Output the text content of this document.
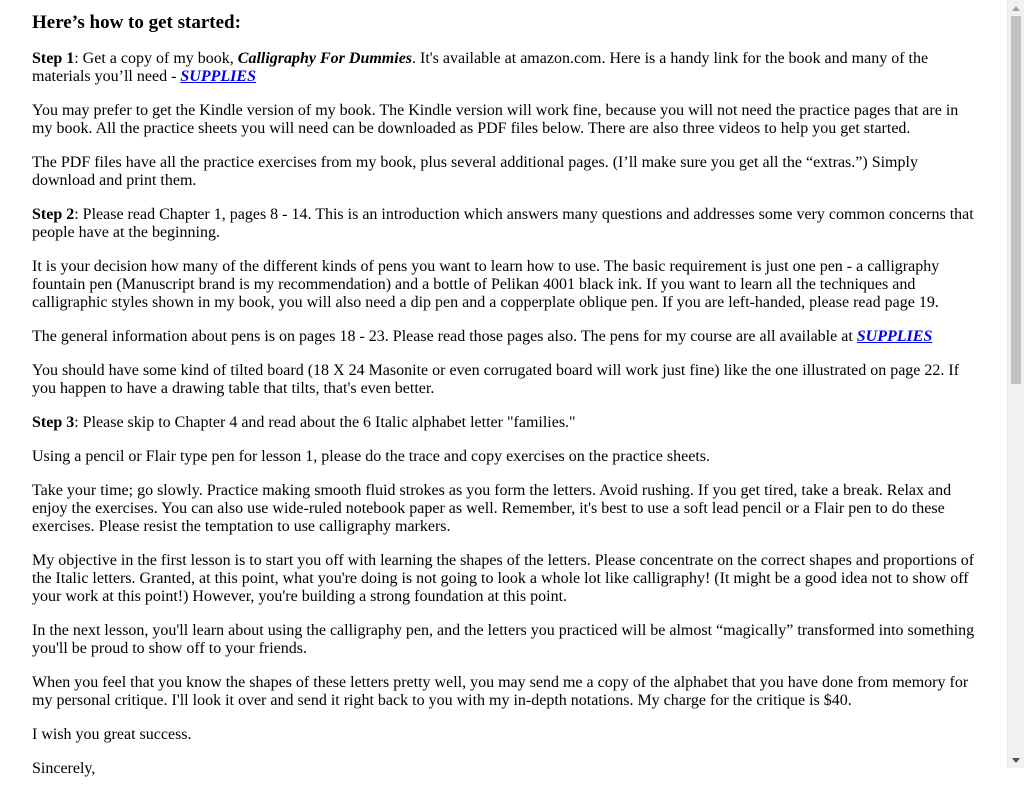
Here’s how to get started:

Step 1: Get a copy of my book, Calligraphy For Dummies. It's available at amazon.com. Here is a handy link for the book and many of the materials you’ll need - SUPPLIES

You may prefer to get the Kindle version of my book. The Kindle version will work fine, because you will not need the practice pages that are in my book. All the practice sheets you will need can be downloaded as PDF files below. There are also three videos to help you get started.

The PDF files have all the practice exercises from my book, plus several additional pages. (I’ll make sure you get all the “extras.”) Simply download and print them.

Step 2: Please read Chapter 1, pages 8 - 14. This is an introduction which answers many questions and addresses some very common concerns that people have at the beginning.

It is your decision how many of the different kinds of pens you want to learn how to use. The basic requirement is just one pen - a calligraphy fountain pen (Manuscript brand is my recommendation) and a bottle of Pelikan 4001 black ink. If you want to learn all the techniques and calligraphic styles shown in my book, you will also need a dip pen and a copperplate oblique pen. If you are left-handed, please read page 19.

The general information about pens is on pages 18 - 23. Please read those pages also. The pens for my course are all available at SUPPLIES

You should have some kind of tilted board (18 X 24 Masonite or even corrugated board will work just fine) like the one illustrated on page 22. If you happen to have a drawing table that tilts, that's even better.

Step 3: Please skip to Chapter 4 and read about the 6 Italic alphabet letter "families."

Using a pencil or Flair type pen for lesson 1, please do the trace and copy exercises on the practice sheets.

Take your time; go slowly. Practice making smooth fluid strokes as you form the letters. Avoid rushing. If you get tired, take a break. Relax and enjoy the exercises. You can also use wide-ruled notebook paper as well. Remember, it's best to use a soft lead pencil or a Flair pen to do these exercises. Please resist the temptation to use calligraphy markers.

My objective in the first lesson is to start you off with learning the shapes of the letters. Please concentrate on the correct shapes and proportions of the Italic letters. Granted, at this point, what you're doing is not going to look a whole lot like calligraphy! (It might be a good idea not to show off your work at this point!) However, you're building a strong foundation at this point.

In the next lesson, you'll learn about using the calligraphy pen, and the letters you practiced will be almost “magically” transformed into something you'll be proud to show off to your friends.

When you feel that you know the shapes of these letters pretty well, you may send me a copy of the alphabet that you have done from memory for my personal critique. I'll look it over and send it right back to you with my in-depth notations. My charge for the critique is $40.

I wish you great success.

Sincerely,
